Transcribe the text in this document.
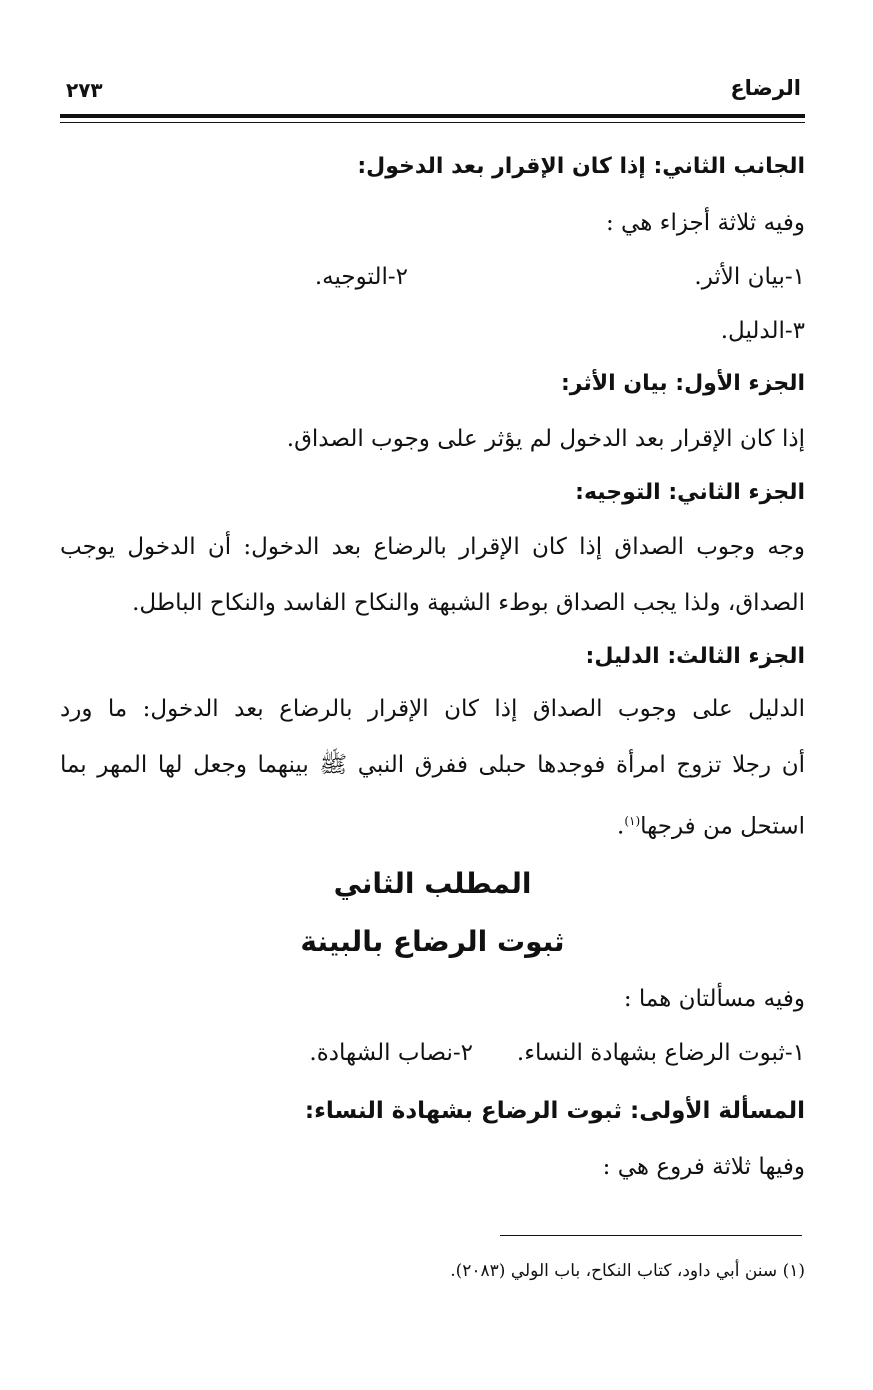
الرضاع
٢٧٣
الجانب الثاني: إذا كان الإقرار بعد الدخول:
وفيه ثلاثة أجزاء هي :
١-بيان الأثر.
٢-التوجيه.
٣-الدليل.
الجزء الأول: بيان الأثر:
إذا كان الإقرار بعد الدخول لم يؤثر على وجوب الصداق.
الجزء الثاني: التوجيه:
وجه وجوب الصداق إذا كان الإقرار بالرضاع بعد الدخول: أن الدخول يوجب
الصداق، ولذا يجب الصداق بوطء الشبهة والنكاح الفاسد والنكاح الباطل.
الجزء الثالث: الدليل:
الدليل على وجوب الصداق إذا كان الإقرار بالرضاع بعد الدخول: ما ورد
أن رجلا تزوج امرأة فوجدها حبلى ففرق النبي ﷺ بينهما وجعل لها المهر بما
استحل من فرجها$^{(١)}$.
المطلب الثاني
ثبوت الرضاع بالبينة
وفيه مسألتان هما :
١-ثبوت الرضاع بشهادة النساء.
٢-نصاب الشهادة.
المسألة الأولى: ثبوت الرضاع بشهادة النساء:
وفيها ثلاثة فروع هي :
(١) سنن أبي داود، كتاب النكاح، باب الولي (٢٠٨٣).
